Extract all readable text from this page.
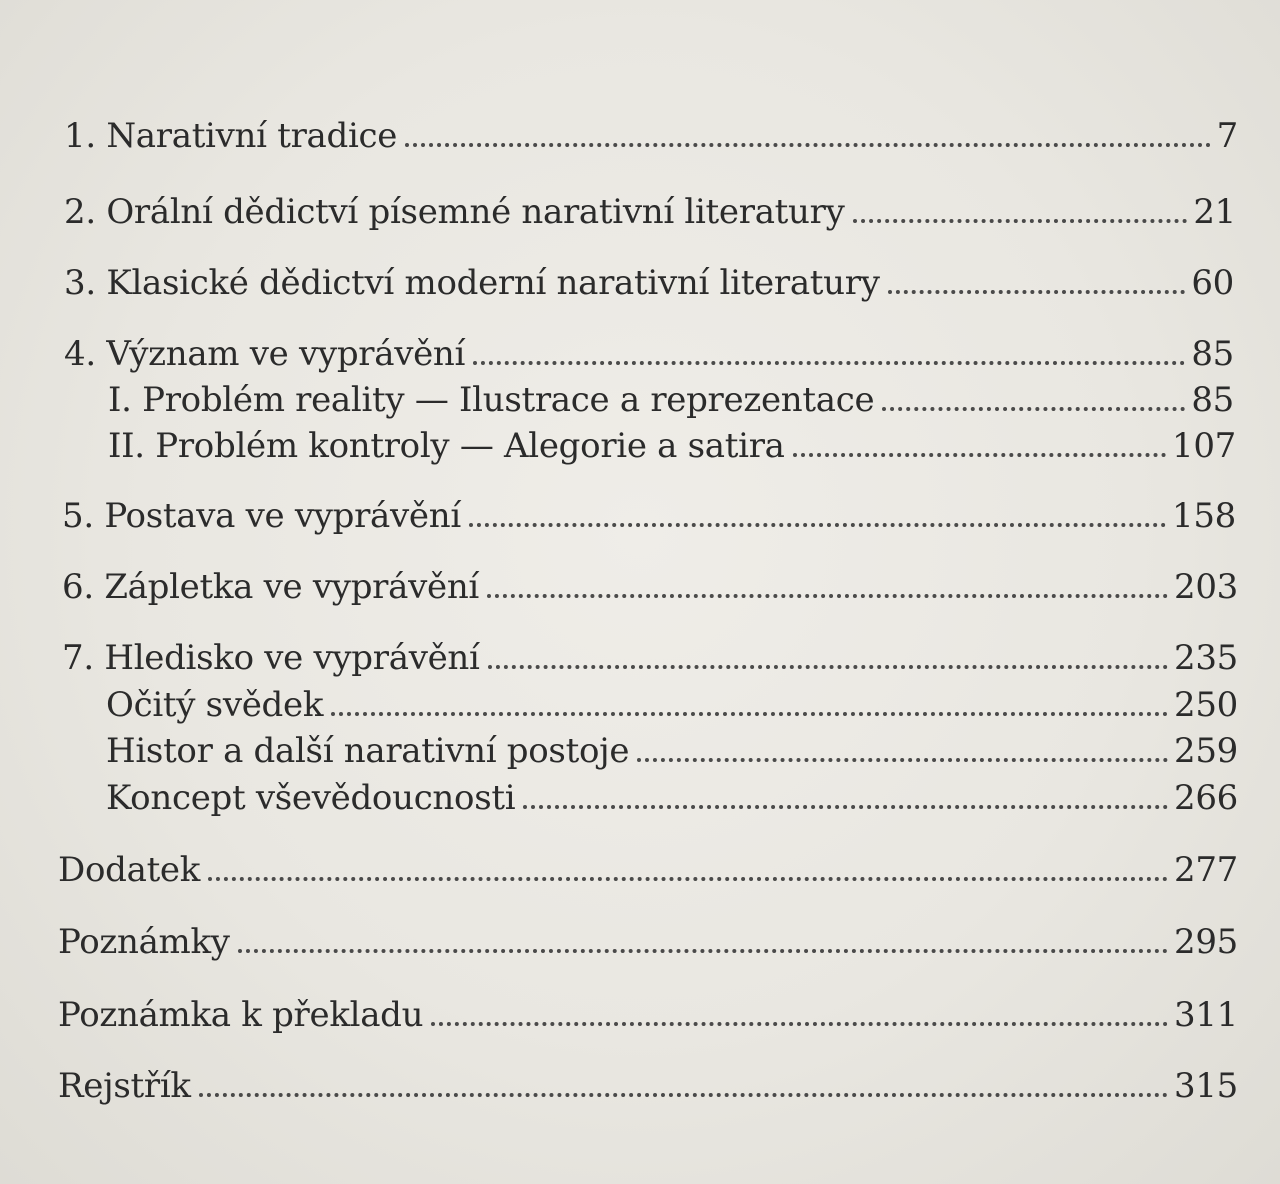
1. Narativní tradice	7
2. Orální dědictví písemné narativní literatury	21
3. Klasické dědictví moderní narativní literatury	60
4. Význam ve vyprávění	85
I. Problém reality — Ilustrace a reprezentace	85
II. Problém kontroly — Alegorie a satira	107
5. Postava ve vyprávění	158
6. Zápletka ve vyprávění	203
7. Hledisko ve vyprávění	235
Očitý svědek	250
Histor a další narativní postoje	259
Koncept vševědoucnosti	266
Dodatek	277
Poznámky	295
Poznámka k překladu	311
Rejstřík	315
